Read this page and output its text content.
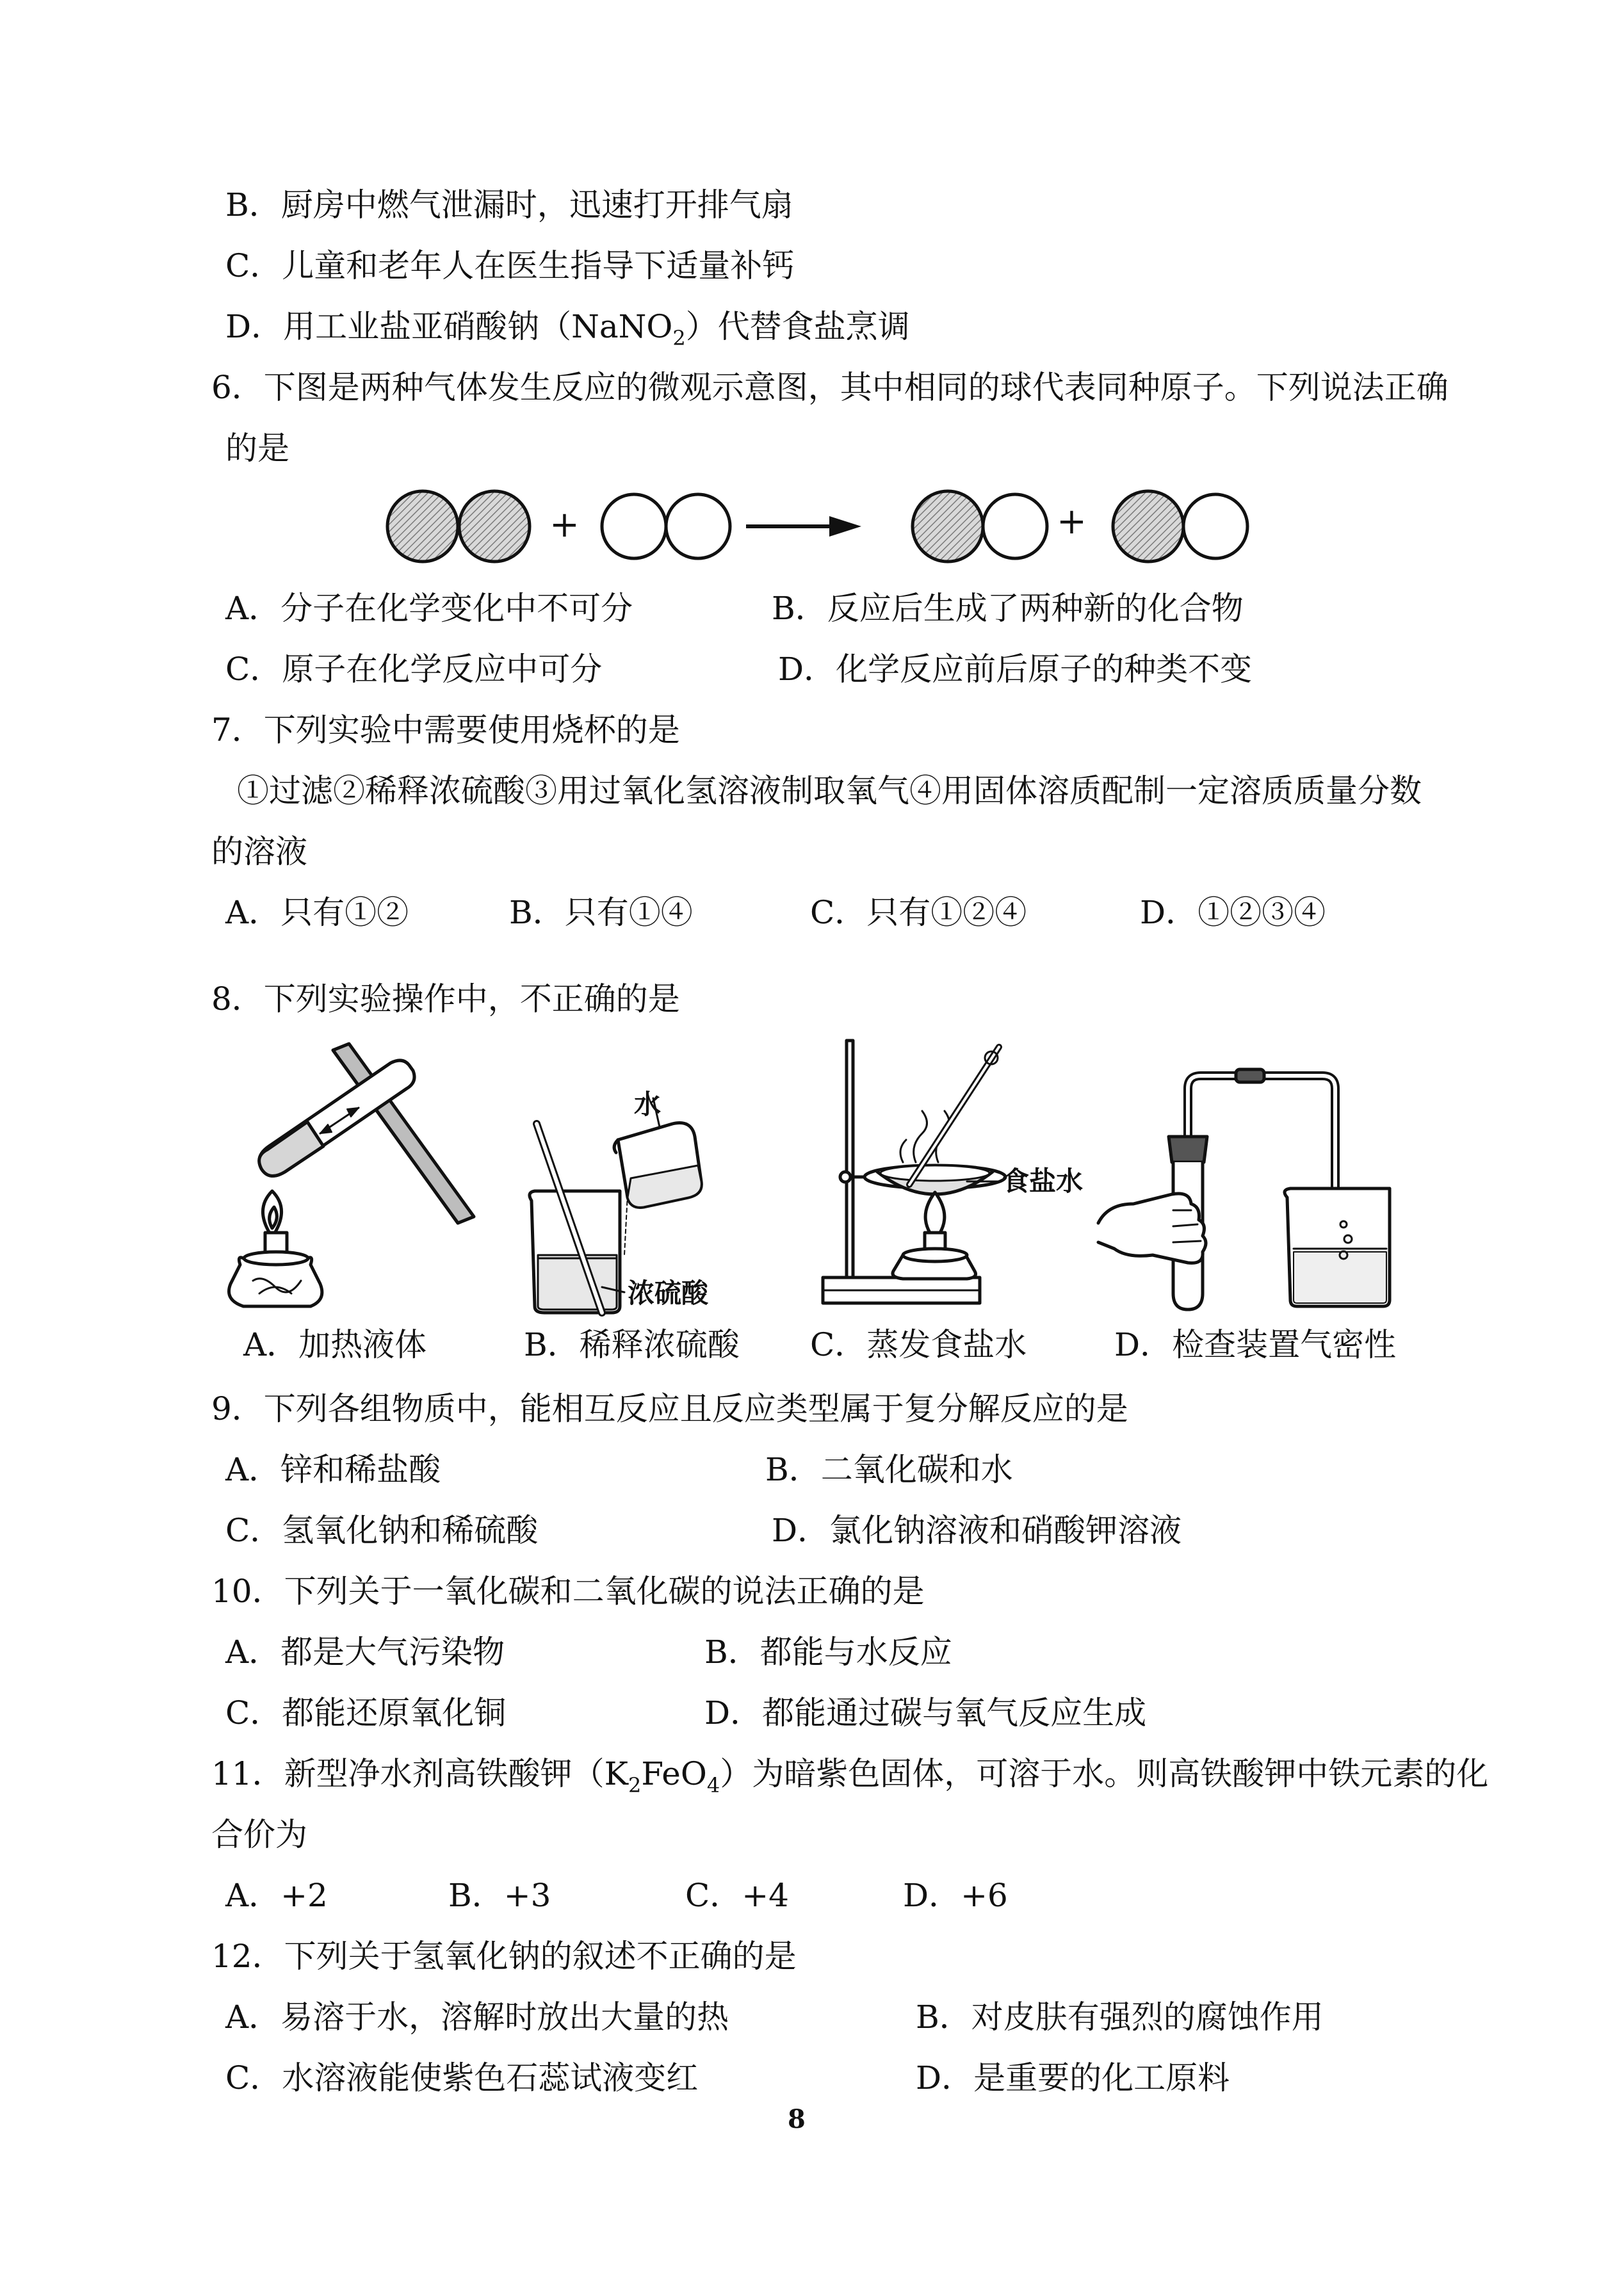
B．厨房中燃气泄漏时，迅速打开排气扇
C．儿童和老年人在医生指导下适量补钙
D．用工业盐亚硝酸钠（NaNO$_2$）代替食盐烹调
6．下图是两种气体发生反应的微观示意图，其中相同的球代表同种原子。下列说法正确
的是
+	+
A．分子在化学变化中不可分	B．反应后生成了两种新的化合物
C．原子在化学反应中可分	D．化学反应前后原子的种类不变
7．下列实验中需要使用烧杯的是
①过滤②稀释浓硫酸③用过氧化氢溶液制取氧气④用固体溶质配制一定溶质质量分数
的溶液
A．只有①②	B．只有①④	C．只有①②④	D．①②③④
8．下列实验操作中，不正确的是
水
浓硫酸
食盐水
A．加热液体	B．稀释浓硫酸 C．蒸发食盐水	D．检查装置气密性
9．下列各组物质中，能相互反应且反应类型属于复分解反应的是
A．锌和稀盐酸	B．二氧化碳和水
C．氢氧化钠和稀硫酸	D．氯化钠溶液和硝酸钾溶液
10．下列关于一氧化碳和二氧化碳的说法正确的是
A．都是大气污染物	B．都能与水反应
C．都能还原氧化铜	D．都能通过碳与氧气反应生成
11．新型净水剂高铁酸钾$(K_2FeO_4)$为暗紫色固体，可溶于水。则高铁酸钾中铁元素的化
合价为
A．+2	B．+3	C．+4	D．+6
12．下列关于氢氧化钠的叙述不正确的是
A．易溶于水，溶解时放出大量的热	B．对皮肤有强烈的腐蚀作用
C．水溶液能使紫色石蕊试液变红	D．是重要的化工原料
8
